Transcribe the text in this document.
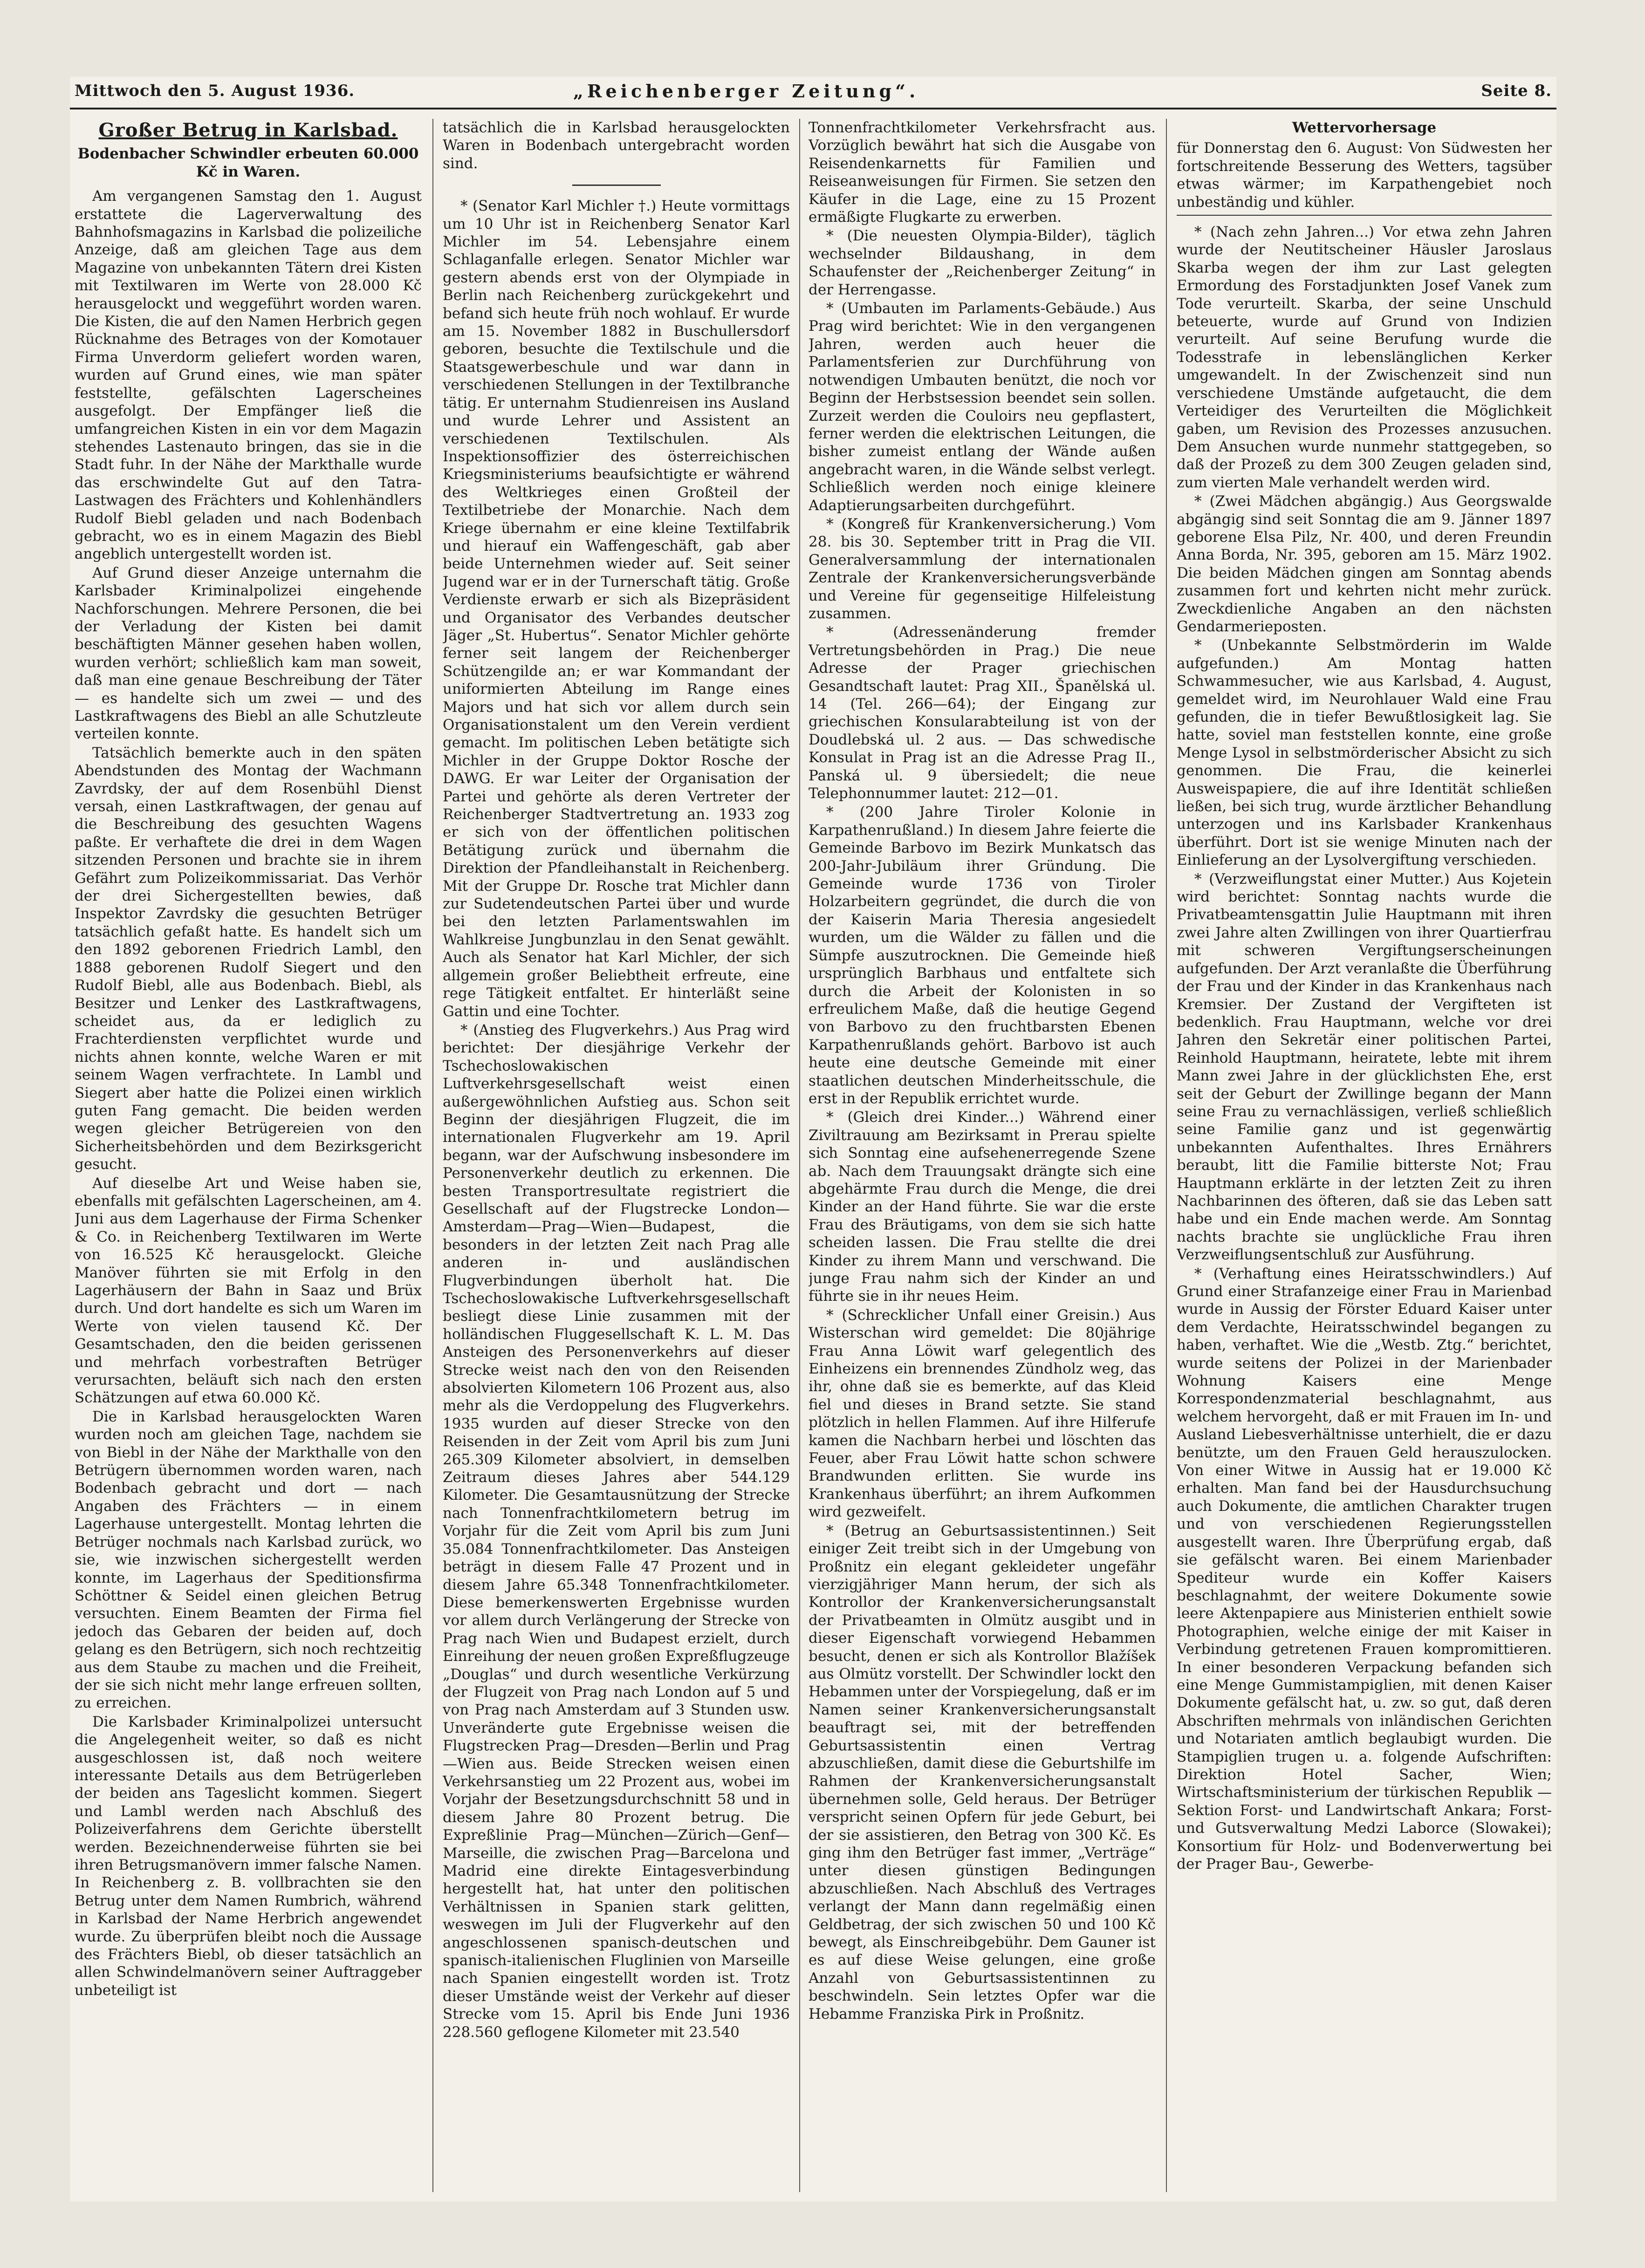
Mittwoch den 5. August 1936.	„Reichenberger Zeitung“.	Seite 8.
Großer Betrug in Karlsbad.
Bodenbacher Schwindler erbeuten 60.000 Kč in Waren.

Am vergangenen Samstag den 1. August erstattete die Lagerverwaltung des Bahnhofsmagazins in Karlsbad die polizeiliche Anzeige, daß am gleichen Tage aus dem Magazine von unbekannten Tätern drei Kisten mit Textilwaren im Werte von 28.000 Kč herausgelockt und weggeführt worden waren. Die Kisten, die auf den Namen Herbrich gegen Rücknahme des Betrages von der Komotauer Firma Unverdorm geliefert worden waren, wurden auf Grund eines, wie man später feststellte, gefälschten Lagerscheines ausgefolgt. Der Empfänger ließ die umfangreichen Kisten in ein vor dem Magazin stehendes Lastenauto bringen, das sie in die Stadt fuhr. In der Nähe der Markthalle wurde das erschwindelte Gut auf den Tatra-Lastwagen des Frächters und Kohlenhändlers Rudolf Biebl geladen und nach Bodenbach gebracht, wo es in einem Magazin des Biebl angeblich untergestellt worden ist.

Auf Grund dieser Anzeige unternahm die Karlsbader Kriminalpolizei eingehende Nachforschungen. Mehrere Personen, die bei der Verladung der Kisten bei damit beschäftigten Männer gesehen haben wollen, wurden verhört; schließlich kam man soweit, daß man eine genaue Beschreibung der Täter — es handelte sich um zwei — und des Lastkraftwagens des Biebl an alle Schutzleute verteilen konnte.

Tatsächlich bemerkte auch in den späten Abendstunden des Montag der Wachmann Zavrdsky, der auf dem Rosenbühl Dienst versah, einen Lastkraftwagen, der genau auf die Beschreibung des gesuchten Wagens paßte. Er verhaftete die drei in dem Wagen sitzenden Personen und brachte sie in ihrem Gefährt zum Polizeikommissariat. Das Verhör der drei Sichergestellten bewies, daß Inspektor Zavrdsky die gesuchten Betrüger tatsächlich gefaßt hatte. Es handelt sich um den 1892 geborenen Friedrich Lambl, den 1888 geborenen Rudolf Siegert und den Rudolf Biebl, alle aus Bodenbach. Biebl, als Besitzer und Lenker des Lastkraftwagens, scheidet aus, da er lediglich zu Frachterdiensten verpflichtet wurde und nichts ahnen konnte, welche Waren er mit seinem Wagen verfrachtete. In Lambl und Siegert aber hatte die Polizei einen wirklich guten Fang gemacht. Die beiden werden wegen gleicher Betrügereien von den Sicherheitsbehörden und dem Bezirksgericht gesucht.

Auf dieselbe Art und Weise haben sie, ebenfalls mit gefälschten Lagerscheinen, am 4. Juni aus dem Lagerhause der Firma Schenker & Co. in Reichenberg Textilwaren im Werte von 16.525 Kč herausgelockt. Gleiche Manöver führten sie mit Erfolg in den Lagerhäusern der Bahn in Saaz und Brüx durch. Und dort handelte es sich um Waren im Werte von vielen tausend Kč. Der Gesamtschaden, den die beiden gerissenen und mehrfach vorbestraften Betrüger verursachten, beläuft sich nach den ersten Schätzungen auf etwa 60.000 Kč.

Die in Karlsbad herausgelockten Waren wurden noch am gleichen Tage, nachdem sie von Biebl in der Nähe der Markthalle von den Betrügern übernommen worden waren, nach Bodenbach gebracht und dort — nach Angaben des Frächters — in einem Lagerhause untergestellt. Montag lehrten die Betrüger nochmals nach Karlsbad zurück, wo sie, wie inzwischen sichergestellt werden konnte, im Lagerhaus der Speditionsfirma Schöttner & Seidel einen gleichen Betrug versuchten. Einem Beamten der Firma fiel jedoch das Gebaren der beiden auf, doch gelang es den Betrügern, sich noch rechtzeitig aus dem Staube zu machen und die Freiheit, der sie sich nicht mehr lange erfreuen sollten, zu erreichen.

Die Karlsbader Kriminalpolizei untersucht die Angelegenheit weiter, so daß es nicht ausgeschlossen ist, daß noch weitere interessante Details aus dem Betrügerleben der beiden ans Tageslicht kommen. Siegert und Lambl werden nach Abschluß des Polizeiverfahrens dem Gerichte überstellt werden. Bezeichnenderweise führten sie bei ihren Betrugsmanövern immer falsche Namen. In Reichenberg z. B. vollbrachten sie den Betrug unter dem Namen Rumbrich, während in Karlsbad der Name Herbrich angewendet wurde. Zu überprüfen bleibt noch die Aussage des Frächters Biebl, ob dieser tatsächlich an allen Schwindelmanövern seiner Auftraggeber unbeteiligt ist

tatsächlich die in Karlsbad herausgelockten Waren in Bodenbach untergebracht worden sind.

* (Senator Karl Michler †.) Heute vormittags um 10 Uhr ist in Reichenberg Senator Karl Michler im 54. Lebensjahre einem Schlaganfalle erlegen. Senator Michler war gestern abends erst von der Olympiade in Berlin nach Reichenberg zurückgekehrt und befand sich heute früh noch wohlauf. Er wurde am 15. November 1882 in Buschullersdorf geboren, besuchte die Textilschule und die Staatsgewerbeschule und war dann in verschiedenen Stellungen in der Textilbranche tätig. Er unternahm Studienreisen ins Ausland und wurde Lehrer und Assistent an verschiedenen Textilschulen. Als Inspektionsoffizier des österreichischen Kriegsministeriums beaufsichtigte er während des Weltkrieges einen Großteil der Textilbetriebe der Monarchie. Nach dem Kriege übernahm er eine kleine Textilfabrik und hierauf ein Waffengeschäft, gab aber beide Unternehmen wieder auf. Seit seiner Jugend war er in der Turnerschaft tätig. Große Verdienste erwarb er sich als Bizepräsident und Organisator des Verbandes deutscher Jäger „St. Hubertus“. Senator Michler gehörte ferner seit langem der Reichenberger Schützengilde an; er war Kommandant der uniformierten Abteilung im Range eines Majors und hat sich vor allem durch sein Organisationstalent um den Verein verdient gemacht. Im politischen Leben betätigte sich Michler in der Gruppe Doktor Rosche der DAWG. Er war Leiter der Organisation der Partei und gehörte als deren Vertreter der Reichenberger Stadtvertretung an. 1933 zog er sich von der öffentlichen politischen Betätigung zurück und übernahm die Direktion der Pfandleihanstalt in Reichenberg. Mit der Gruppe Dr. Rosche trat Michler dann zur Sudetendeutschen Partei über und wurde bei den letzten Parlamentswahlen im Wahlkreise Jungbunzlau in den Senat gewählt. Auch als Senator hat Karl Michler, der sich allgemein großer Beliebtheit erfreute, eine rege Tätigkeit entfaltet. Er hinterläßt seine Gattin und eine Tochter.

* (Anstieg des Flugverkehrs.) Aus Prag wird berichtet: Der diesjährige Verkehr der Tschechoslowakischen Luftverkehrsgesellschaft weist einen außergewöhnlichen Aufstieg aus. Schon seit Beginn der diesjährigen Flugzeit, die im internationalen Flugverkehr am 19. April begann, war der Aufschwung insbesondere im Personenverkehr deutlich zu erkennen. Die besten Transportresultate registriert die Gesellschaft auf der Flugstrecke London—Amsterdam—Prag—Wien—Budapest, die besonders in der letzten Zeit nach Prag alle anderen in- und ausländischen Flugverbindungen überholt hat. Die Tschechoslowakische Luftverkehrsgesellschaft besliegt diese Linie zusammen mit der holländischen Fluggesellschaft K. L. M. Das Ansteigen des Personenverkehrs auf dieser Strecke weist nach den von den Reisenden absolvierten Kilometern 106 Prozent aus, also mehr als die Verdoppelung des Flugverkehrs. 1935 wurden auf dieser Strecke von den Reisenden in der Zeit vom April bis zum Juni 265.309 Kilometer absolviert, in demselben Zeitraum dieses Jahres aber 544.129 Kilometer. Die Gesamtausnützung der Strecke nach Tonnenfrachtkilometern betrug im Vorjahr für die Zeit vom April bis zum Juni 35.084 Tonnenfrachtkilometer. Das Ansteigen beträgt in diesem Falle 47 Prozent und in diesem Jahre 65.348 Tonnenfrachtkilometer. Diese bemerkenswerten Ergebnisse wurden vor allem durch Verlängerung der Strecke von Prag nach Wien und Budapest erzielt, durch Einreihung der neuen großen Expreßflugzeuge „Douglas“ und durch wesentliche Verkürzung der Flugzeit von Prag nach London auf 5 und von Prag nach Amsterdam auf 3 Stunden usw. Unveränderte gute Ergebnisse weisen die Flugstrecken Prag—Dresden—Berlin und Prag—Wien aus. Beide Strecken weisen einen Verkehrsanstieg um 22 Prozent aus, wobei im Vorjahr der Besetzungsdurchschnitt 58 und in diesem Jahre 80 Prozent betrug. Die Expreßlinie Prag—München—Zürich—Genf—Marseille, die zwischen Prag—Barcelona und Madrid eine direkte Eintagesverbindung hergestellt hat, hat unter den politischen Verhältnissen in Spanien stark gelitten, weswegen im Juli der Flugverkehr auf den angeschlossenen spanisch-deutschen und spanisch-italienischen Fluglinien von Marseille nach Spanien eingestellt worden ist. Trotz dieser Umstände weist der Verkehr auf dieser Strecke vom 15. April bis Ende Juni 1936 228.560 geflogene Kilometer mit 23.540

Tonnenfrachtkilometer Verkehrsfracht aus. Vorzüglich bewährt hat sich die Ausgabe von Reisendenkarnetts für Familien und Reiseanweisungen für Firmen. Sie setzen den Käufer in die Lage, eine zu 15 Prozent ermäßigte Flugkarte zu erwerben.

* (Die neuesten Olympia-Bilder), täglich wechselnder Bildaushang, in dem Schaufenster der „Reichenberger Zeitung“ in der Herrengasse.

* (Umbauten im Parlaments-Gebäude.) Aus Prag wird berichtet: Wie in den vergangenen Jahren, werden auch heuer die Parlamentsferien zur Durchführung von notwendigen Umbauten benützt, die noch vor Beginn der Herbstsession beendet sein sollen. Zurzeit werden die Couloirs neu gepflastert, ferner werden die elektrischen Leitungen, die bisher zumeist entlang der Wände außen angebracht waren, in die Wände selbst verlegt. Schließlich werden noch einige kleinere Adaptierungsarbeiten durchgeführt.

* (Kongreß für Krankenversicherung.) Vom 28. bis 30. September tritt in Prag die VII. Generalversammlung der internationalen Zentrale der Krankenversicherungsverbände und Vereine für gegenseitige Hilfeleistung zusammen.

* (Adressenänderung fremder Vertretungsbehörden in Prag.) Die neue Adresse der Prager griechischen Gesandtschaft lautet: Prag XII., Španělská ul. 14 (Tel. 266—64); der Eingang zur griechischen Konsularabteilung ist von der Doudlebská ul. 2 aus. — Das schwedische Konsulat in Prag ist an die Adresse Prag II., Panská ul. 9 übersiedelt; die neue Telephonnummer lautet: 212—01.

* (200 Jahre Tiroler Kolonie in Karpathenrußland.) In diesem Jahre feierte die Gemeinde Barbovo im Bezirk Munkatsch das 200-Jahr-Jubiläum ihrer Gründung. Die Gemeinde wurde 1736 von Tiroler Holzarbeitern gegründet, die durch die von der Kaiserin Maria Theresia angesiedelt wurden, um die Wälder zu fällen und die Sümpfe auszutrocknen. Die Gemeinde hieß ursprünglich Barbhaus und entfaltete sich durch die Arbeit der Kolonisten in so erfreulichem Maße, daß die heutige Gegend von Barbovo zu den fruchtbarsten Ebenen Karpathenrußlands gehört. Barbovo ist auch heute eine deutsche Gemeinde mit einer staatlichen deutschen Minderheitsschule, die erst in der Republik errichtet wurde.

* (Gleich drei Kinder...) Während einer Ziviltrauung am Bezirksamt in Prerau spielte sich Sonntag eine aufsehenerregende Szene ab. Nach dem Trauungsakt drängte sich eine abgehärmte Frau durch die Menge, die drei Kinder an der Hand führte. Sie war die erste Frau des Bräutigams, von dem sie sich hatte scheiden lassen. Die Frau stellte die drei Kinder zu ihrem Mann und verschwand. Die junge Frau nahm sich der Kinder an und führte sie in ihr neues Heim.

* (Schrecklicher Unfall einer Greisin.) Aus Wisterschan wird gemeldet: Die 80jährige Frau Anna Löwit warf gelegentlich des Einheizens ein brennendes Zündholz weg, das ihr, ohne daß sie es bemerkte, auf das Kleid fiel und dieses in Brand setzte. Sie stand plötzlich in hellen Flammen. Auf ihre Hilferufe kamen die Nachbarn herbei und löschten das Feuer, aber Frau Löwit hatte schon schwere Brandwunden erlitten. Sie wurde ins Krankenhaus überführt; an ihrem Aufkommen wird gezweifelt.

* (Betrug an Geburtsassistentinnen.) Seit einiger Zeit treibt sich in der Umgebung von Proßnitz ein elegant gekleideter ungefähr vierzigjähriger Mann herum, der sich als Kontrollor der Krankenversicherungsanstalt der Privatbeamten in Olmütz ausgibt und in dieser Eigenschaft vorwiegend Hebammen besucht, denen er sich als Kontrollor Blažíšek aus Olmütz vorstellt. Der Schwindler lockt den Hebammen unter der Vorspiegelung, daß er im Namen seiner Krankenversicherungsanstalt beauftragt sei, mit der betreffenden Geburtsassistentin einen Vertrag abzuschließen, damit diese die Geburtshilfe im Rahmen der Krankenversicherungsanstalt übernehmen solle, Geld heraus. Der Betrüger verspricht seinen Opfern für jede Geburt, bei der sie assistieren, den Betrag von 300 Kč. Es ging ihm den Betrüger fast immer, „Verträge“ unter diesen günstigen Bedingungen abzuschließen. Nach Abschluß des Vertrages verlangt der Mann dann regelmäßig einen Geldbetrag, der sich zwischen 50 und 100 Kč bewegt, als Einschreibgebühr. Dem Gauner ist es auf diese Weise gelungen, eine große Anzahl von Geburtsassistentinnen zu beschwindeln. Sein letztes Opfer war die Hebamme Franziska Pirk in Proßnitz.

Wettervorhersage

für Donnerstag den 6. August: Von Südwesten her fortschreitende Besserung des Wetters, tagsüber etwas wärmer; im Karpathengebiet noch unbeständig und kühler.

* (Nach zehn Jahren...) Vor etwa zehn Jahren wurde der Neutitscheiner Häusler Jaroslaus Skarba wegen der ihm zur Last gelegten Ermordung des Forstadjunkten Josef Vanek zum Tode verurteilt. Skarba, der seine Unschuld beteuerte, wurde auf Grund von Indizien verurteilt. Auf seine Berufung wurde die Todesstrafe in lebenslänglichen Kerker umgewandelt. In der Zwischenzeit sind nun verschiedene Umstände aufgetaucht, die dem Verteidiger des Verurteilten die Möglichkeit gaben, um Revision des Prozesses anzusuchen. Dem Ansuchen wurde nunmehr stattgegeben, so daß der Prozeß zu dem 300 Zeugen geladen sind, zum vierten Male verhandelt werden wird.

* (Zwei Mädchen abgängig.) Aus Georgswalde abgängig sind seit Sonntag die am 9. Jänner 1897 geborene Elsa Pilz, Nr. 400, und deren Freundin Anna Borda, Nr. 395, geboren am 15. März 1902. Die beiden Mädchen gingen am Sonntag abends zusammen fort und kehrten nicht mehr zurück. Zweckdienliche Angaben an den nächsten Gendarmerieposten.

* (Unbekannte Selbstmörderin im Walde aufgefunden.) Am Montag hatten Schwammesucher, wie aus Karlsbad, 4. August, gemeldet wird, im Neurohlauer Wald eine Frau gefunden, die in tiefer Bewußtlosigkeit lag. Sie hatte, soviel man feststellen konnte, eine große Menge Lysol in selbstmörderischer Absicht zu sich genommen. Die Frau, die keinerlei Ausweispapiere, die auf ihre Identität schließen ließen, bei sich trug, wurde ärztlicher Behandlung unterzogen und ins Karlsbader Krankenhaus überführt. Dort ist sie wenige Minuten nach der Einlieferung an der Lysolvergiftung verschieden.

* (Verzweiflungstat einer Mutter.) Aus Kojetein wird berichtet: Sonntag nachts wurde die Privatbeamtensgattin Julie Hauptmann mit ihren zwei Jahre alten Zwillingen von ihrer Quartierfrau mit schweren Vergiftungserscheinungen aufgefunden. Der Arzt veranlaßte die Überführung der Frau und der Kinder in das Krankenhaus nach Kremsier. Der Zustand der Vergifteten ist bedenklich. Frau Hauptmann, welche vor drei Jahren den Sekretär einer politischen Partei, Reinhold Hauptmann, heiratete, lebte mit ihrem Mann zwei Jahre in der glücklichsten Ehe, erst seit der Geburt der Zwillinge begann der Mann seine Frau zu vernachlässigen, verließ schließlich seine Familie ganz und ist gegenwärtig unbekannten Aufenthaltes. Ihres Ernährers beraubt, litt die Familie bitterste Not; Frau Hauptmann erklärte in der letzten Zeit zu ihren Nachbarinnen des öfteren, daß sie das Leben satt habe und ein Ende machen werde. Am Sonntag nachts brachte sie unglückliche Frau ihren Verzweiflungsentschluß zur Ausführung.

* (Verhaftung eines Heiratsschwindlers.) Auf Grund einer Strafanzeige einer Frau in Marienbad wurde in Aussig der Förster Eduard Kaiser unter dem Verdachte, Heiratsschwindel begangen zu haben, verhaftet. Wie die „Westb. Ztg.“ berichtet, wurde seitens der Polizei in der Marienbader Wohnung Kaisers eine Menge Korrespondenzmaterial beschlagnahmt, aus welchem hervorgeht, daß er mit Frauen im In- und Ausland Liebesverhältnisse unterhielt, die er dazu benützte, um den Frauen Geld herauszulocken. Von einer Witwe in Aussig hat er 19.000 Kč erhalten. Man fand bei der Hausdurchsuchung auch Dokumente, die amtlichen Charakter trugen und von verschiedenen Regierungsstellen ausgestellt waren. Ihre Überprüfung ergab, daß sie gefälscht waren. Bei einem Marienbader Spediteur wurde ein Koffer Kaisers beschlagnahmt, der weitere Dokumente sowie leere Aktenpapiere aus Ministerien enthielt sowie Photographien, welche einige der mit Kaiser in Verbindung getretenen Frauen kompromittieren. In einer besonderen Verpackung befanden sich eine Menge Gummistampiglien, mit denen Kaiser Dokumente gefälscht hat, u. zw. so gut, daß deren Abschriften mehrmals von inländischen Gerichten und Notariaten amtlich beglaubigt wurden. Die Stampiglien trugen u. a. folgende Aufschriften: Direktion Hotel Sacher, Wien; Wirtschaftsministerium der türkischen Republik — Sektion Forst- und Landwirtschaft Ankara; Forst- und Gutsverwaltung Medzi Laborce (Slowakei); Konsortium für Holz- und Bodenverwertung bei der Prager Bau-, Gewerbe-
